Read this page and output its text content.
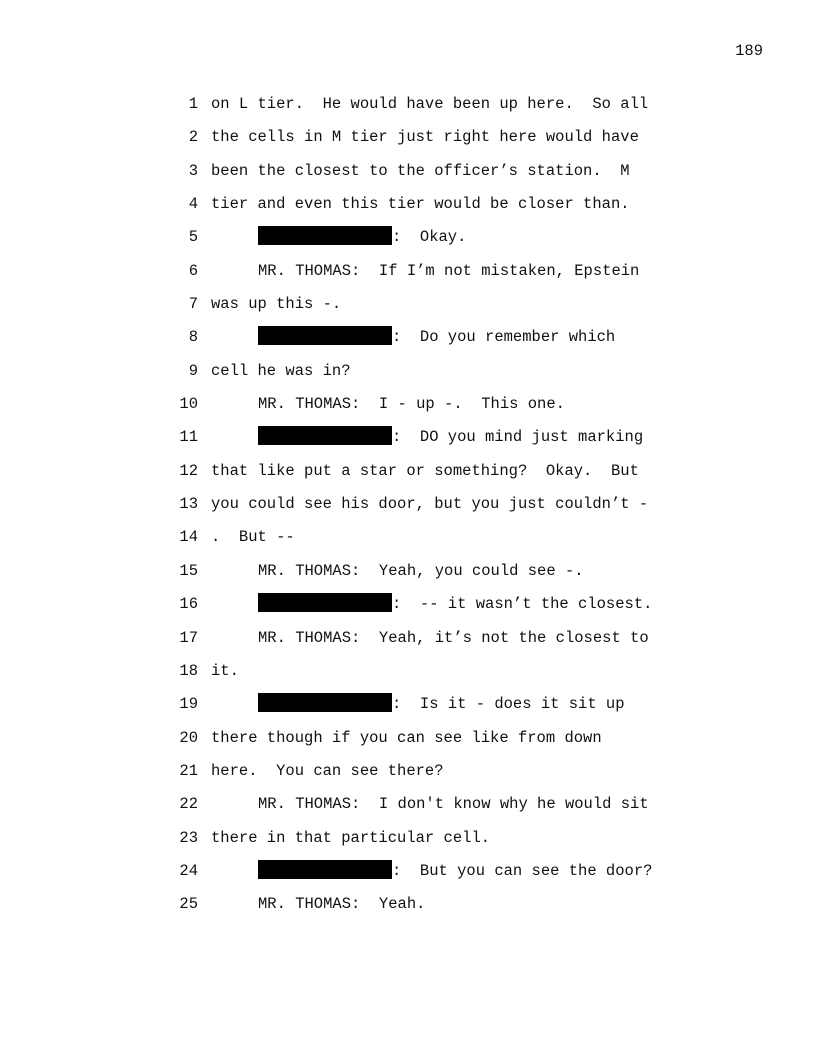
189
1 on L tier.  He would have been up here.  So all
2 the cells in M tier just right here would have
3 been the closest to the officer’s station.  M
4 tier and even this tier would be closer than.
5	:  Okay.
6	MR. THOMAS:  If I’m not mistaken, Epstein
7 was up this -.
8	:  Do you remember which
9 cell he was in?
10	MR. THOMAS:  I - up -.  This one.
11	:  DO you mind just marking
12 that like put a star or something?  Okay.  But
13 you could see his door, but you just couldn’t -
14 .  But --
15	MR. THOMAS:  Yeah, you could see -.
16	:  -- it wasn’t the closest.
17	MR. THOMAS:  Yeah, it’s not the closest to
18 it.
19	:  Is it - does it sit up
20 there though if you can see like from down
21 here.  You can see there?
22	MR. THOMAS:  I don't know why he would sit
23 there in that particular cell.
24	:  But you can see the door?
25	MR. THOMAS:  Yeah.
